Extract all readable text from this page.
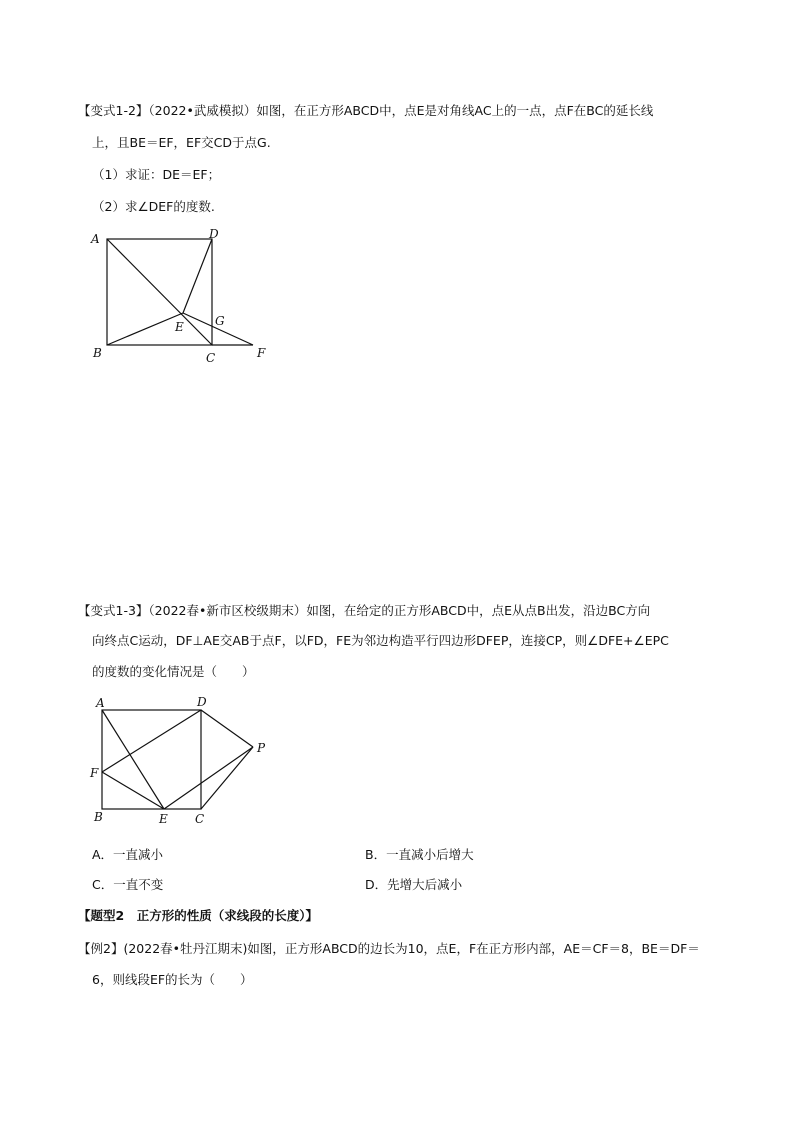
【变式1-2】（2022•武威模拟）如图，在正方形ABCD中，点E是对角线AC上的一点，点F在BC的延长线
上，且BE＝EF，EF交CD于点G.
（1）求证：DE＝EF；
（2）求∠DEF的度数.
A	D
B	C
E	G
F
【变式1-3】（2022春•新市区校级期末）如图，在给定的正方形ABCD中，点E从点B出发，沿边BC方向
向终点C运动，DF⊥AE交AB于点F，以FD，FE为邻边构造平行四边形DFEP，连接CP，则∠DFE+∠EPC
的度数的变化情况是（　　）
A	D
P
F
B	E C
A．一直减小	B．一直减小后增大
C．一直不变	D．先增大后减小
【题型2　正方形的性质（求线段的长度）】
【例2】(2022春•牡丹江期末)如图，正方形ABCD的边长为10，点E，F在正方形内部，AE＝CF＝8，BE＝DF＝
6，则线段EF的长为（　　）
